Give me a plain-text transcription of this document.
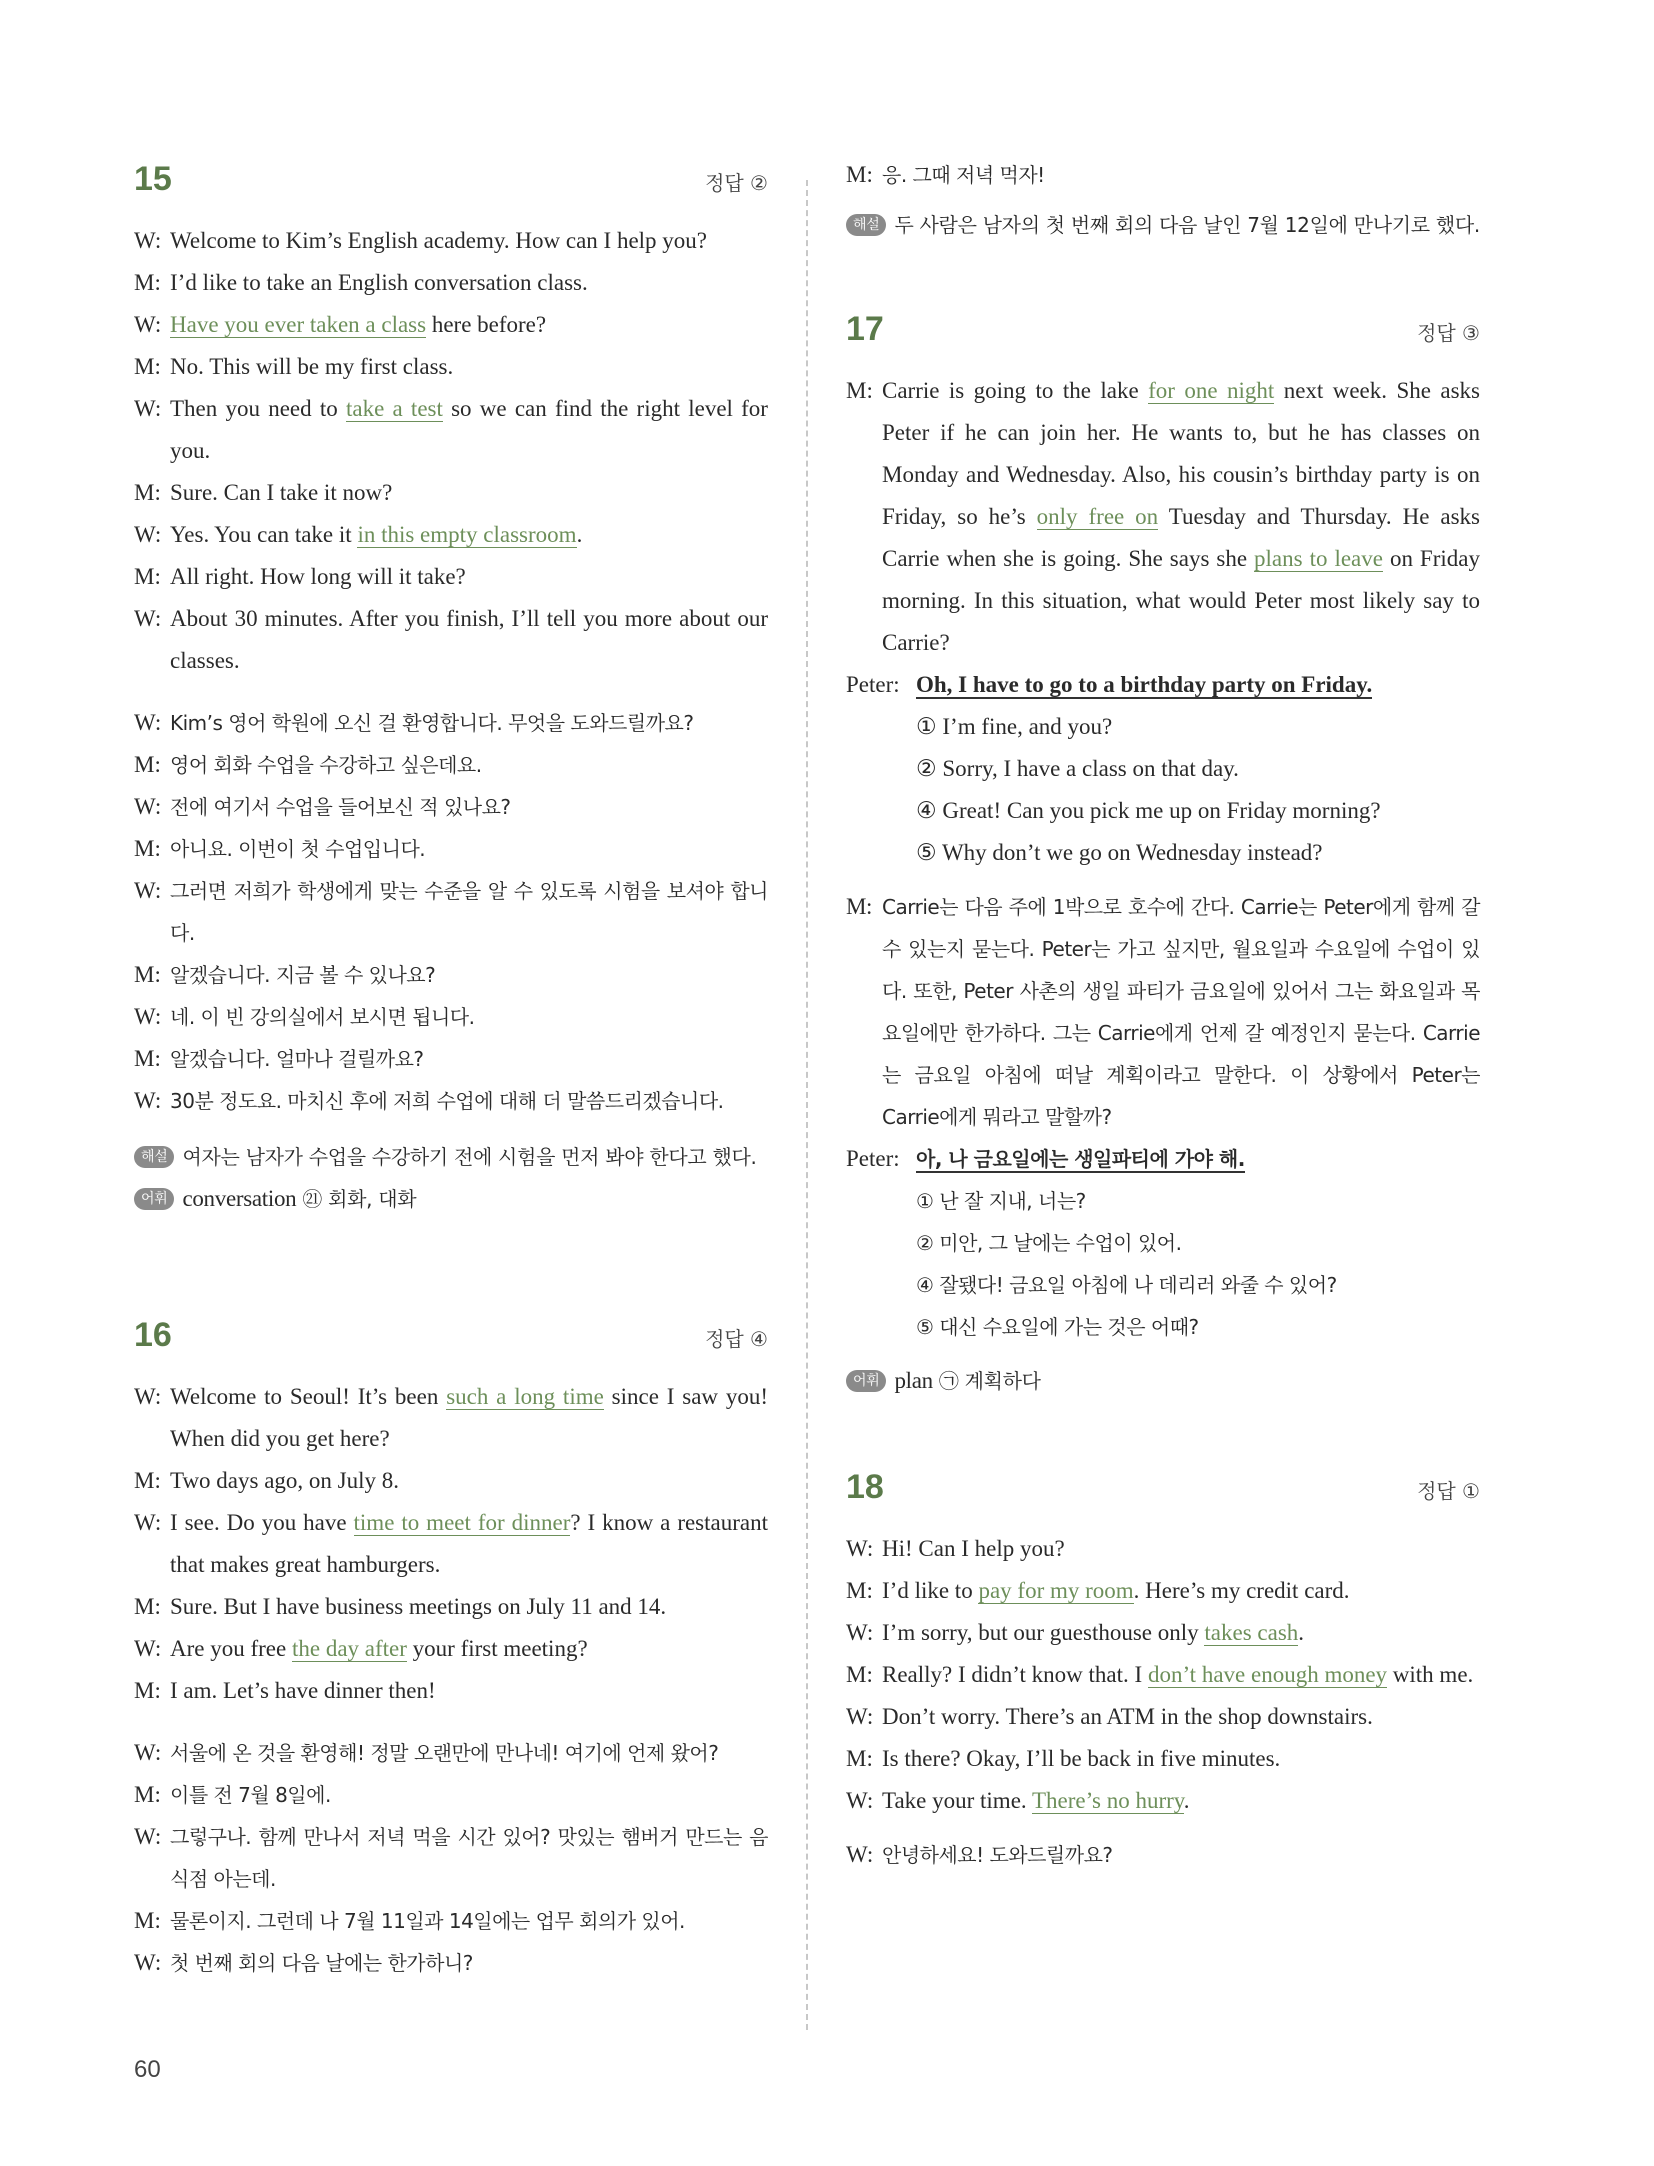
15	정답 ②
W: Welcome to Kim’s English academy. How can I help you?
M: I’d like to take an English conversation class.
W: Have you ever taken a class here before?
M: No. This will be my first class.
W: Then you need to take a test so we can find the right level for you.
M: Sure. Can I take it now?
W: Yes. You can take it in this empty classroom.
M: All right. How long will it take?
W: About 30 minutes. After you finish, I’ll tell you more about our classes.
W: Kim’s 영어 학원에 오신 걸 환영합니다. 무엇을 도와드릴까요?
M: 영어 회화 수업을 수강하고 싶은데요.
W: 전에 여기서 수업을 들어보신 적 있나요?
M: 아니요. 이번이 첫 수업입니다.
W: 그러면 저희가 학생에게 맞는 수준을 알 수 있도록 시험을 보셔야 합니다.
M: 알겠습니다. 지금 볼 수 있나요?
W: 네. 이 빈 강의실에서 보시면 됩니다.
M: 알겠습니다. 얼마나 걸릴까요?
W: 30분 정도요. 마치신 후에 저희 수업에 대해 더 말씀드리겠습니다.
해설 여자는 남자가 수업을 수강하기 전에 시험을 먼저 봐야 한다고 했다.
어휘 conversation ㉑ 회화, 대화
16	정답 ④
W: Welcome to Seoul! It’s been such a long time since I saw you! When did you get here?
M: Two days ago, on July 8.
W: I see. Do you have time to meet for dinner? I know a restaurant that makes great hamburgers.
M: Sure. But I have business meetings on July 11 and 14.
W: Are you free the day after your first meeting?
M: I am. Let’s have dinner then!
W: 서울에 온 것을 환영해! 정말 오랜만에 만나네! 여기에 언제 왔어?
M: 이틀 전 7월 8일에.
W: 그렇구나. 함께 만나서 저녁 먹을 시간 있어? 맛있는 햄버거 만드는 음식점 아는데.
M: 물론이지. 그런데 나 7월 11일과 14일에는 업무 회의가 있어.
W: 첫 번째 회의 다음 날에는 한가하니?
M: 응. 그때 저녁 먹자!
해설 두 사람은 남자의 첫 번째 회의 다음 날인 7월 12일에 만나기로 했다.
17	정답 ③
M: Carrie is going to the lake for one night next week. She asks Peter if he can join her. He wants to, but he has classes on Monday and Wednesday. Also, his cousin’s birthday party is on Friday, so he’s only free on Tuesday and Thursday. He asks Carrie when she is going. She says she plans to leave on Friday morning. In this situation, what would Peter most likely say to Carrie?
Peter: Oh, I have to go to a birthday party on Friday.
① I’m fine, and you?
② Sorry, I have a class on that day.
④ Great! Can you pick me up on Friday morning?
⑤ Why don’t we go on Wednesday instead?
M: Carrie는 다음 주에 1박으로 호수에 간다. Carrie는 Peter에게 함께 갈 수 있는지 묻는다. Peter는 가고 싶지만, 월요일과 수요일에 수업이 있다. 또한, Peter 사촌의 생일 파티가 금요일에 있어서 그는 화요일과 목요일에만 한가하다. 그는 Carrie에게 언제 갈 예정인지 묻는다. Carrie는 금요일 아침에 떠날 계획이라고 말한다. 이 상황에서 Peter는 Carrie에게 뭐라고 말할까?
Peter: 아, 나 금요일에는 생일파티에 가야 해.
① 난 잘 지내, 너는?
② 미안, 그 날에는 수업이 있어.
④ 잘됐다! 금요일 아침에 나 데리러 와줄 수 있어?
⑤ 대신 수요일에 가는 것은 어때?
어휘 plan ㉠ 계획하다
18	정답 ①
W: Hi! Can I help you?
M: I’d like to pay for my room. Here’s my credit card.
W: I’m sorry, but our guesthouse only takes cash.
M: Really? I didn’t know that. I don’t have enough money with me.
W: Don’t worry. There’s an ATM in the shop downstairs.
M: Is there? Okay, I’ll be back in five minutes.
W: Take your time. There’s no hurry.
W: 안녕하세요! 도와드릴까요?
60
